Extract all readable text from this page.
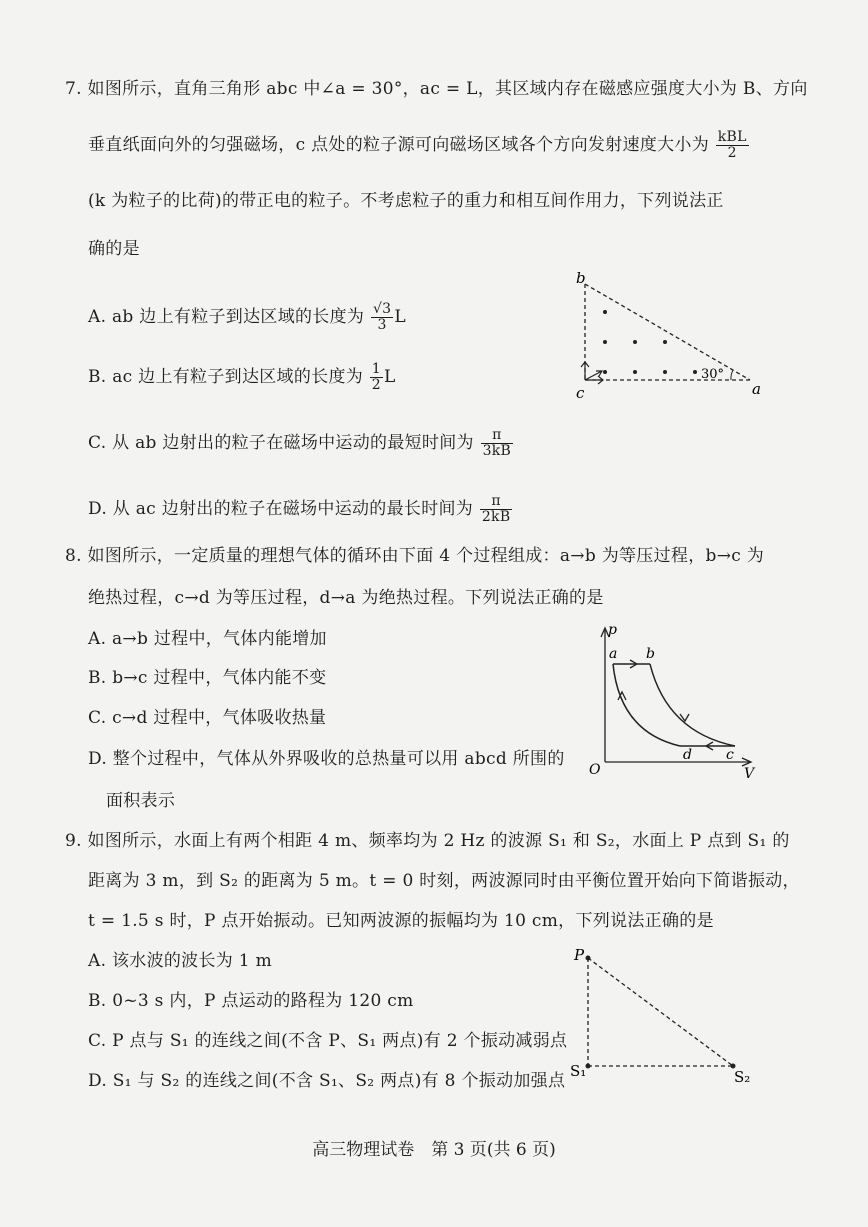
7. 如图所示，直角三角形 abc 中∠a = 30°，ac = L，其区域内存在磁感应强度大小为 B、方向
垂直纸面向外的匀强磁场，c 点处的粒子源可向磁场区域各个方向发射速度大小为 $\frac{\text{kBL}}{2}$
(k 为粒子的比荷)的带正电的粒子。不考虑粒子的重力和相互间作用力，下列说法正
确的是
A. ab 边上有粒子到达区域的长度为 $\frac{√3}{3}$ L
B. ac 边上有粒子到达区域的长度为 $\frac{1}{2}$ L
C. 从 ab 边射出的粒子在磁场中运动的最短时间为 $\frac{\pi}{3kB}$
D. 从 ac 边射出的粒子在磁场中运动的最长时间为 $\frac{\pi}{2kB}$
b
c	a
30°
8. 如图所示，一定质量的理想气体的循环由下面 4 个过程组成：a→b 为等压过程，b→c 为
绝热过程，c→d 为等压过程，d→a 为绝热过程。下列说法正确的是
A. a→b 过程中，气体内能增加
B. b→c 过程中，气体内能不变
C. c→d 过程中，气体吸收热量
D. 整个过程中，气体从外界吸收的总热量可以用 abcd 所围的
面积表示
p
V
O
a b
c
d
9. 如图所示，水面上有两个相距 4 m、频率均为 2 Hz 的波源 S₁ 和 S₂，水面上 P 点到 S₁ 的
距离为 3 m，到 S₂ 的距离为 5 m。t = 0 时刻，两波源同时由平衡位置开始向下简谐振动，
t = 1.5 s 时，P 点开始振动。已知两波源的振幅均为 10 cm，下列说法正确的是
A. 该水波的波长为 1 m
B. 0~3 s 内，P 点运动的路程为 120 cm
C. P 点与 S₁ 的连线之间(不含 P、S₁ 两点)有 2 个振动减弱点
D. S₁ 与 S₂ 的连线之间(不含 S₁、S₂ 两点)有 8 个振动加强点
P
S₁	S₂
高三物理试卷　第 3 页(共 6 页)
